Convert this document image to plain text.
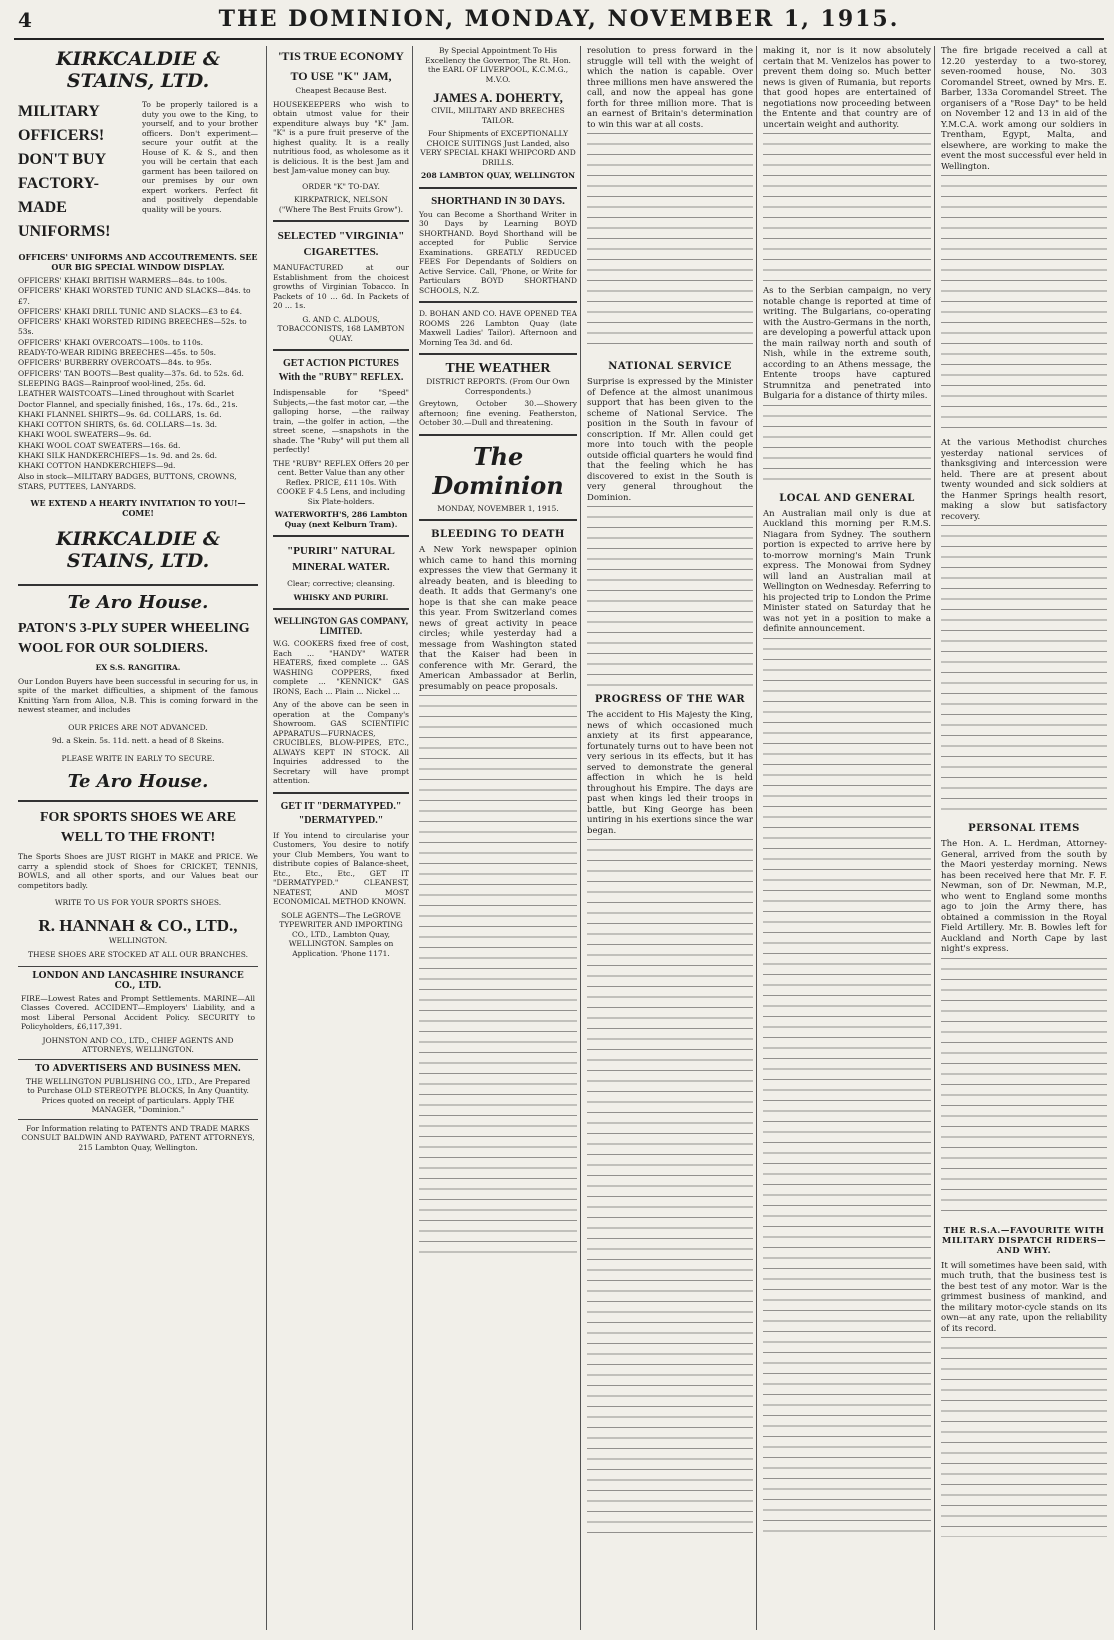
4	THE DOMINION, MONDAY, NOVEMBER 1, 1915.
KIRKCALDIE & STAINS, LTD.
MILITARY OFFICERS! DON'T BUY FACTORY-MADE UNIFORMS!
To be properly tailored is a duty you owe to the King, to yourself, and to your brother officers. Don't experiment—secure your outfit at the House of K. & S., and then you will be certain that each garment has been tailored on our premises by our own expert workers. Perfect fit and positively dependable quality will be yours.
OFFICERS' UNIFORMS AND ACCOUTREMENTS. SEE OUR BIG SPECIAL WINDOW DISPLAY.
OFFICERS' KHAKI BRITISH WARMERS—84s. to 100s.
OFFICERS' KHAKI WORSTED TUNIC AND SLACKS—84s. to £7.
OFFICERS' KHAKI DRILL TUNIC AND SLACKS—£3 to £4.
OFFICERS' KHAKI WORSTED RIDING BREECHES—52s. to 53s.
OFFICERS' KHAKI OVERCOATS—100s. to 110s.
READY-TO-WEAR RIDING BREECHES—45s. to 50s.
OFFICERS' BURBERRY OVERCOATS—84s. to 95s.
OFFICERS' TAN BOOTS—Best quality—37s. 6d. to 52s. 6d.
SLEEPING BAGS—Rainproof wool-lined, 25s. 6d.
LEATHER WAISTCOATS—Lined throughout with Scarlet Doctor Flannel, and specially finished, 16s., 17s. 6d., 21s.
KHAKI FLANNEL SHIRTS—9s. 6d. COLLARS, 1s. 6d.
KHAKI COTTON SHIRTS, 6s. 6d. COLLARS—1s. 3d.
KHAKI WOOL SWEATERS—9s. 6d.
KHAKI WOOL COAT SWEATERS—16s. 6d.
KHAKI SILK HANDKERCHIEFS—1s. 9d. and 2s. 6d.
KHAKI COTTON HANDKERCHIEFS—9d.
Also in stock—MILITARY BADGES, BUTTONS, CROWNS, STARS, PUTTEES, LANYARDS.
WE EXTEND A HEARTY INVITATION TO YOU!—COME!
KIRKCALDIE & STAINS, LTD.
Te Aro House.
PATON'S 3-PLY SUPER WHEELING WOOL FOR OUR SOLDIERS.
EX S.S. RANGITIRA.
Our London Buyers have been successful in securing for us, in spite of the market difficulties, a shipment of the famous Knitting Yarn from Alloa, N.B. This is coming forward in the newest steamer, and includes
OUR PRICES ARE NOT ADVANCED.
9d. a Skein. 5s. 11d. nett. a head of 8 Skeins.
PLEASE WRITE IN EARLY TO SECURE.
Te Aro House.
FOR SPORTS SHOES WE ARE WELL TO THE FRONT!
The Sports Shoes are JUST RIGHT in MAKE and PRICE. We carry a splendid stock of Shoes for CRICKET, TENNIS, BOWLS, and all other sports, and our Values beat our competitors badly.
WRITE TO US FOR YOUR SPORTS SHOES.
R. HANNAH & CO., LTD.,
WELLINGTON.
THESE SHOES ARE STOCKED AT ALL OUR BRANCHES.
LONDON AND LANCASHIRE INSURANCE CO., LTD.
FIRE—Lowest Rates and Prompt Settlements. MARINE—All Classes Covered. ACCIDENT—Employers' Liability, and a most Liberal Personal Accident Policy. SECURITY to Policyholders, £6,117,391.
JOHNSTON AND CO., LTD., CHIEF AGENTS AND ATTORNEYS, WELLINGTON.
TO ADVERTISERS AND BUSINESS MEN.
THE WELLINGTON PUBLISHING CO., LTD., Are Prepared to Purchase OLD STEREOTYPE BLOCKS, In Any Quantity. Prices quoted on receipt of particulars. Apply THE MANAGER, "Dominion."
For Information relating to PATENTS AND TRADE MARKS CONSULT BALDWIN AND RAYWARD, PATENT ATTORNEYS, 215 Lambton Quay, Wellington.
'TIS TRUE ECONOMY TO USE "K" JAM,
Cheapest Because Best.
HOUSEKEEPERS who wish to obtain utmost value for their expenditure always buy "K" Jam. "K" is a pure fruit preserve of the highest quality. It is a really nutritious food, as wholesome as it is delicious. It is the best Jam and best Jam-value money can buy.
ORDER "K" TO-DAY.
KIRKPATRICK, NELSON
("Where The Best Fruits Grow").
SELECTED "VIRGINIA" CIGARETTES.
MANUFACTURED at our Establishment from the choicest growths of Virginian Tobacco. In Packets of 10 ... 6d. In Packets of 20 ... 1s.
G. AND C. ALDOUS, TOBACCONISTS, 168 LAMBTON QUAY.
GET ACTION PICTURES With the "RUBY" REFLEX.
Indispensable for "Speed" Subjects,—the fast motor car, —the galloping horse, —the railway train, —the golfer in action, —the street scene, —snapshots in the shade. The "Ruby" will put them all perfectly!
THE "RUBY" REFLEX Offers 20 per cent. Better Value than any other Reflex. PRICE, £11 10s. With COOKE F 4.5 Lens, and including Six Plate-holders.
WATERWORTH'S, 286 Lambton Quay (next Kelburn Tram).
"PURIRI" NATURAL MINERAL WATER.
Clear; corrective; cleansing.
WHISKY AND PURIRI.
WELLINGTON GAS COMPANY, LIMITED.
W.G. COOKERS fixed free of cost, Each ... "HANDY" WATER HEATERS, fixed complete ... GAS WASHING COPPERS, fixed complete ... "KENNICK" GAS IRONS, Each ... Plain ... Nickel ...
Any of the above can be seen in operation at the Company's Showroom. GAS SCIENTIFIC APPARATUS—FURNACES, CRUCIBLES, BLOW-PIPES, ETC., ALWAYS KEPT IN STOCK. All Inquiries addressed to the Secretary will have prompt attention.
GET IT "DERMATYPED." "DERMATYPED."
If You intend to circularise your Customers, You desire to notify your Club Members, You want to distribute copies of Balance-sheet, Etc., Etc., Etc., GET IT "DERMATYPED." CLEANEST, NEATEST, AND MOST ECONOMICAL METHOD KNOWN.
SOLE AGENTS—The LeGROVE TYPEWRITER AND IMPORTING CO., LTD., Lambton Quay, WELLINGTON. Samples on Application. 'Phone 1171.
By Special Appointment To His Excellency the Governor, The Rt. Hon. the EARL OF LIVERPOOL, K.C.M.G., M.V.O.
JAMES A. DOHERTY,
CIVIL, MILITARY AND BREECHES TAILOR.
Four Shipments of EXCEPTIONALLY CHOICE SUITINGS Just Landed, also VERY SPECIAL KHAKI WHIPCORD AND DRILLS.
208 LAMBTON QUAY, WELLINGTON
SHORTHAND IN 30 DAYS.
You can Become a Shorthand Writer in 30 Days by Learning BOYD SHORTHAND. Boyd Shorthand will be accepted for Public Service Examinations. GREATLY REDUCED FEES For Dependants of Soldiers on Active Service. Call, 'Phone, or Write for Particulars BOYD SHORTHAND SCHOOLS, N.Z.
D. BOHAN AND CO. HAVE OPENED TEA ROOMS 226 Lambton Quay (late Maxwell Ladies' Tailor). Afternoon and Morning Tea 3d. and 6d.
THE WEATHER
DISTRICT REPORTS. (From Our Own Correspondents.)
Greytown, October 30.—Showery afternoon; fine evening. Featherston, October 30.—Dull and threatening.
The Dominion
MONDAY, NOVEMBER 1, 1915.
BLEEDING TO DEATH
A New York newspaper opinion which came to hand this morning expresses the view that Germany it already beaten, and is bleeding to death. It adds that Germany's one hope is that she can make peace this year. From Switzerland comes news of great activity in peace circles; while yesterday had a message from Washington stated that the Kaiser had been in conference with Mr. Gerard, the American Ambassador at Berlin, presumably on peace proposals.
resolution to press forward in the struggle will tell with the weight of which the nation is capable. Over three millions men have answered the call, and now the appeal has gone forth for three million more. That is an earnest of Britain's determination to win this war at all costs.
NATIONAL SERVICE
Surprise is expressed by the Minister of Defence at the almost unanimous support that has been given to the scheme of National Service. The position in the South in favour of conscription. If Mr. Allen could get more into touch with the people outside official quarters he would find that the feeling which he has discovered to exist in the South is very general throughout the Dominion.
PROGRESS OF THE WAR
The accident to His Majesty the King, news of which occasioned much anxiety at its first appearance, fortunately turns out to have been not very serious in its effects, but it has served to demonstrate the general affection in which he is held throughout his Empire. The days are past when kings led their troops in battle, but King George has been untiring in his exertions since the war began.
making it, nor is it now absolutely certain that M. Venizelos has power to prevent them doing so. Much better news is given of Rumania, but reports that good hopes are entertained of negotiations now proceeding between the Entente and that country are of uncertain weight and authority.
As to the Serbian campaign, no very notable change is reported at time of writing. The Bulgarians, co-operating with the Austro-Germans in the north, are developing a powerful attack upon the main railway north and south of Nish, while in the extreme south, according to an Athens message, the Entente troops have captured Strumnitza and penetrated into Bulgaria for a distance of thirty miles.
LOCAL AND GENERAL
An Australian mail only is due at Auckland this morning per R.M.S. Niagara from Sydney. The southern portion is expected to arrive here by to-morrow morning's Main Trunk express. The Monowai from Sydney will land an Australian mail at Wellington on Wednesday. Referring to his projected trip to London the Prime Minister stated on Saturday that he was not yet in a position to make a definite announcement.
The fire brigade received a call at 12.20 yesterday to a two-storey, seven-roomed house, No. 303 Coromandel Street, owned by Mrs. E. Barber, 133a Coromandel Street. The organisers of a "Rose Day" to be held on November 12 and 13 in aid of the Y.M.C.A. work among our soldiers in Trentham, Egypt, Malta, and elsewhere, are working to make the event the most successful ever held in Wellington.
At the various Methodist churches yesterday national services of thanksgiving and intercession were held. There are at present about twenty wounded and sick soldiers at the Hanmer Springs health resort, making a slow but satisfactory recovery.
PERSONAL ITEMS
The Hon. A. L. Herdman, Attorney-General, arrived from the south by the Maori yesterday morning. News has been received here that Mr. F. F. Newman, son of Dr. Newman, M.P., who went to England some months ago to join the Army there, has obtained a commission in the Royal Field Artillery. Mr. B. Bowles left for Auckland and North Cape by last night's express.
THE R.S.A.—FAVOURITE WITH MILITARY DISPATCH RIDERS—AND WHY.
It will sometimes have been said, with much truth, that the business test is the best test of any motor. War is the grimmest business of mankind, and the military motor-cycle stands on its own—at any rate, upon the reliability of its record.
